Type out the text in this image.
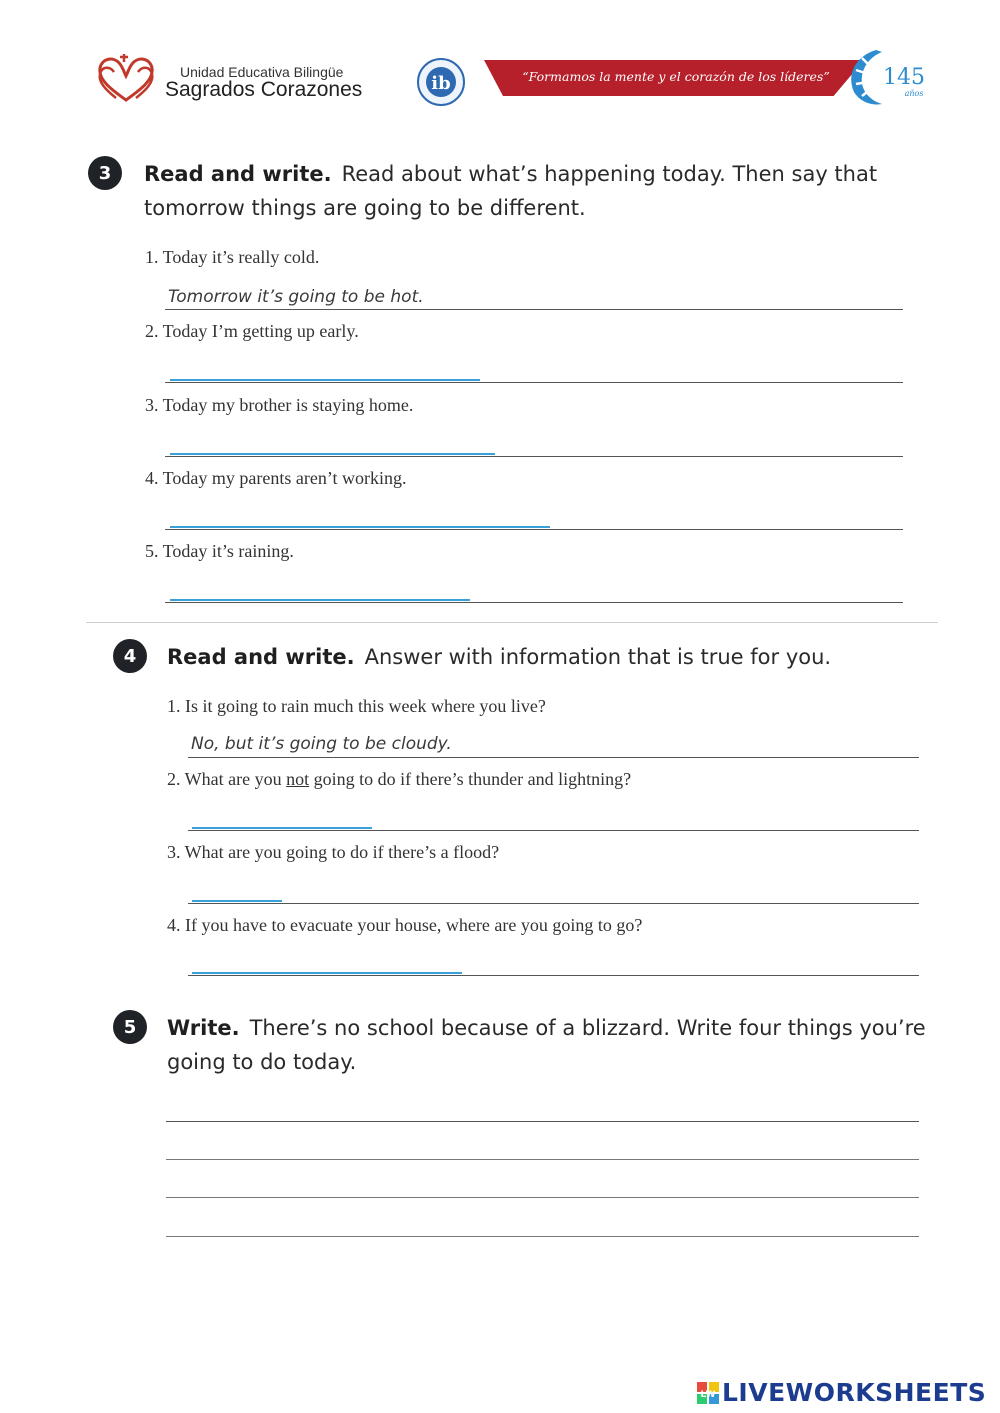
Unidad Educativa Bilingüe
Sagrados Corazones	ib	“Formamos la mente y el corazón de los líderes”	145
años
3	Read and write. Read about what’s happening today. Then say that
tomorrow things are going to be different.
1. Today it’s really cold.
Tomorrow it’s going to be hot.
2. Today I’m getting up early.
3. Today my brother is staying home.
4. Today my parents aren’t working.
5. Today it’s raining.
4	Read and write. Answer with information that is true for you.
1. Is it going to rain much this week where you live?
No, but it’s going to be cloudy.
2. What are you not going to do if there’s thunder and lightning?
3. What are you going to do if there’s a flood?
4. If you have to evacuate your house, where are you going to go?
5	Write. There’s no school because of a blizzard. Write four things you’re
going to do today.
LW LIVEWORKSHEETS
